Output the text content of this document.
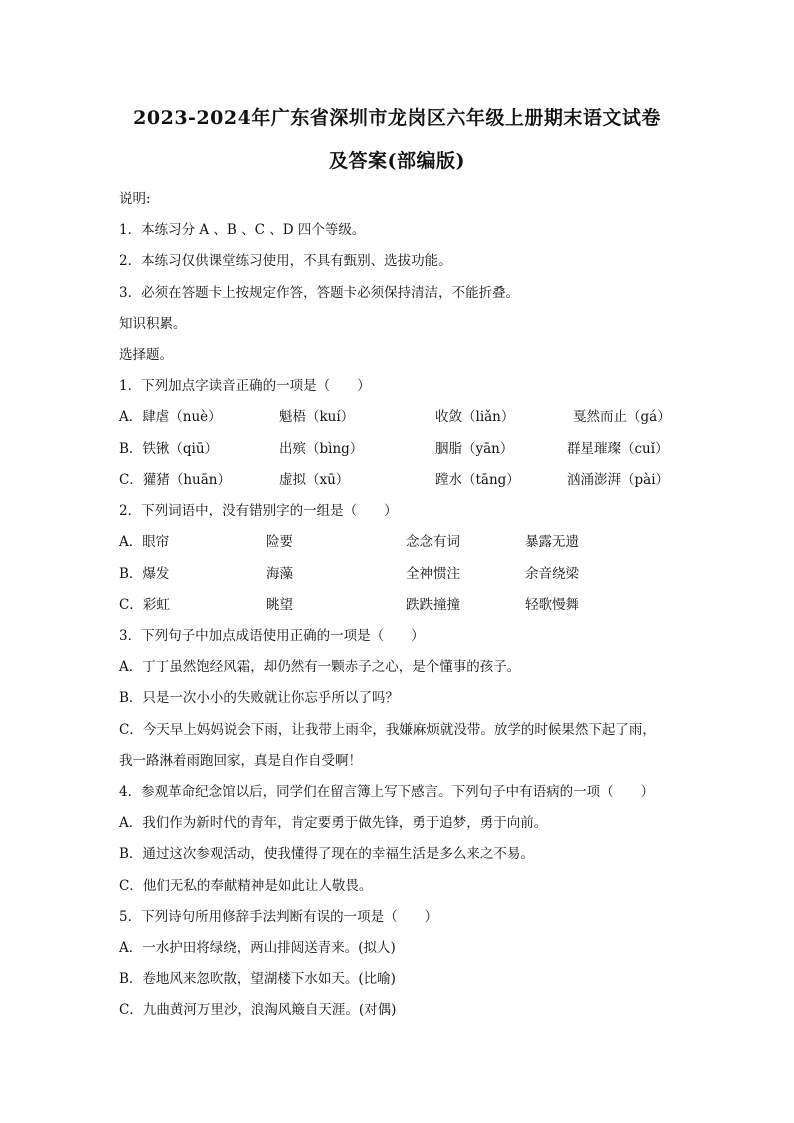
2023-2024年广东省深圳市龙岗区六年级上册期末语文试卷
及答案(部编版)
说明:
1．本练习分 A 、B 、C 、D 四个等级。
2．本练习仅供课堂练习使用，不具有甄别、选拔功能。
3．必须在答题卡上按规定作答，答题卡必须保持清洁，不能折叠。
知识积累。
选择题。
1．下列加点字读音正确的一项是（　　）
A．肆虐（nuè）	魁梧（kuí）	收敛（liǎn）	戛然而止（gá）
B．铁锹（qiū）	出殡（bìng）	胭脂（yān）	群星璀璨（cuǐ）
C．獾猪（huān）	虚拟（xū）	蹚水（tāng）	汹涌澎湃（pài）
2．下列词语中，没有错别字的一组是（　　）
A．眼帘	险要	念念有词	暴露无遗
B．爆发	海藻	全神惯注	余音绕梁
C．彩虹	眺望	跌跌撞撞	轻歌慢舞
3．下列句子中加点成语使用正确的一项是（　　）
A．丁丁虽然饱经风霜，却仍然有一颗赤子之心，是个懂事的孩子。
B．只是一次小小的失败就让你忘乎所以了吗？
C．今天早上妈妈说会下雨，让我带上雨伞，我嫌麻烦就没带。放学的时候果然下起了雨，
我一路淋着雨跑回家，真是自作自受啊！
4．参观革命纪念馆以后，同学们在留言簿上写下感言。下列句子中有语病的一项（　　）
A．我们作为新时代的青年，肯定要勇于做先锋，勇于追梦，勇于向前。
B．通过这次参观活动，使我懂得了现在的幸福生活是多么来之不易。
C．他们无私的奉献精神是如此让人敬畏。
5．下列诗句所用修辞手法判断有误的一项是（　　）
A．一水护田将绿绕，两山排闼送青来。(拟人)
B．卷地风来忽吹散，望湖楼下水如天。(比喻)
C．九曲黄河万里沙，浪淘风簸自天涯。(对偶)
